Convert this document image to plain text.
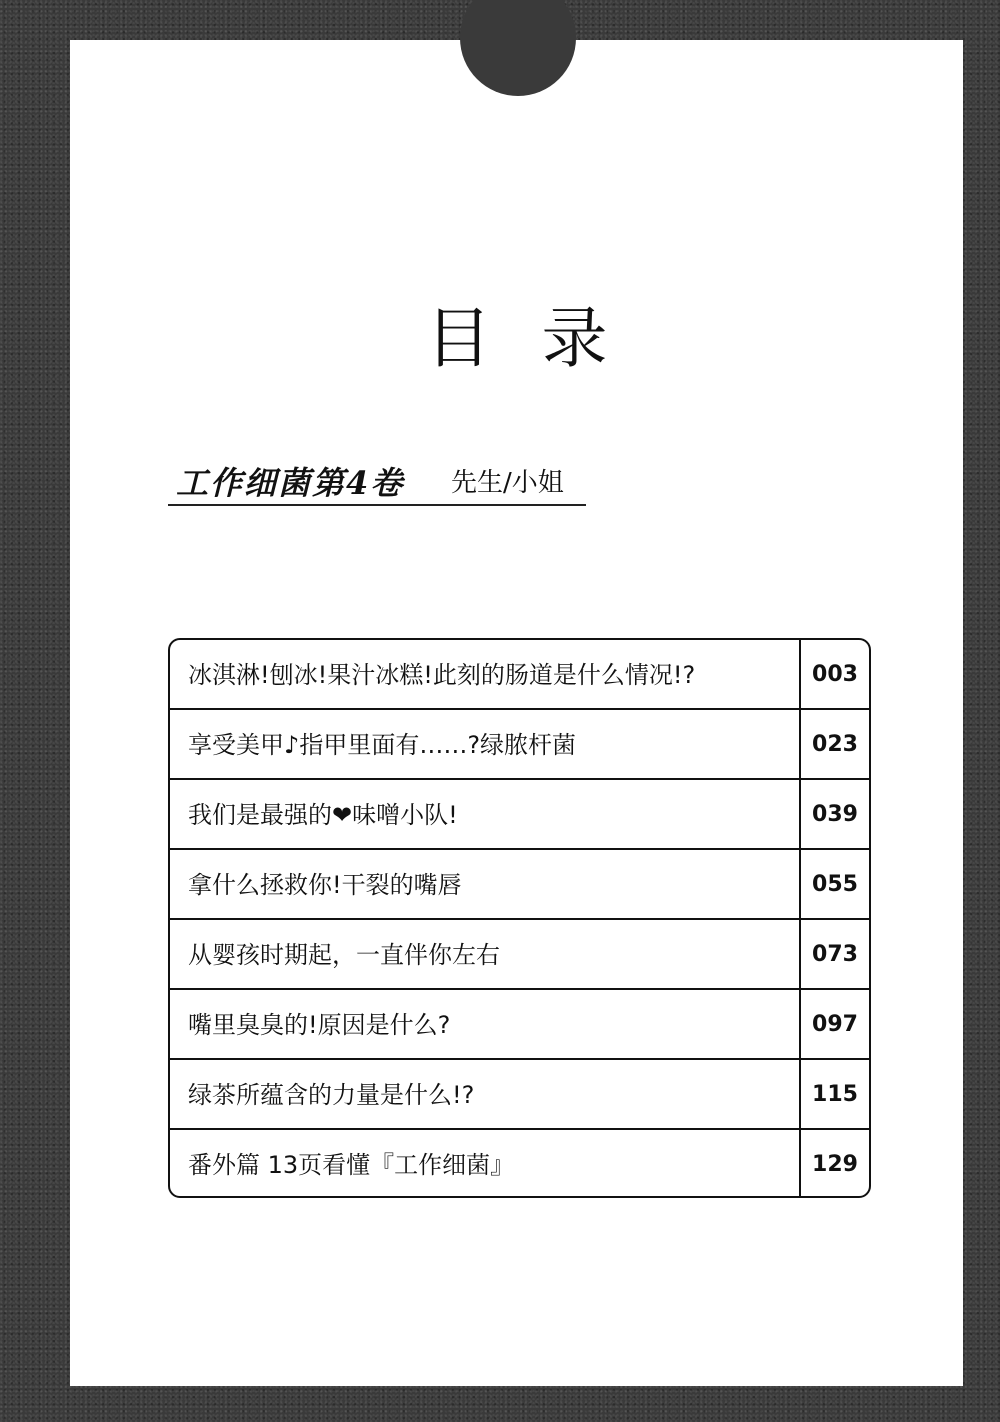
目录
工作细菌第4卷 先生/小姐
冰淇淋!刨冰!果汁冰糕!此刻的肠道是什么情况!?	003
享受美甲♪指甲里面有……?绿脓杆菌	023
我们是最强的❤味噌小队!	039
拿什么拯救你!干裂的嘴唇	055
从婴孩时期起，一直伴你左右	073
嘴里臭臭的!原因是什么?	097
绿茶所蕴含的力量是什么!?	115
番外篇 13页看懂『工作细菌』	129
